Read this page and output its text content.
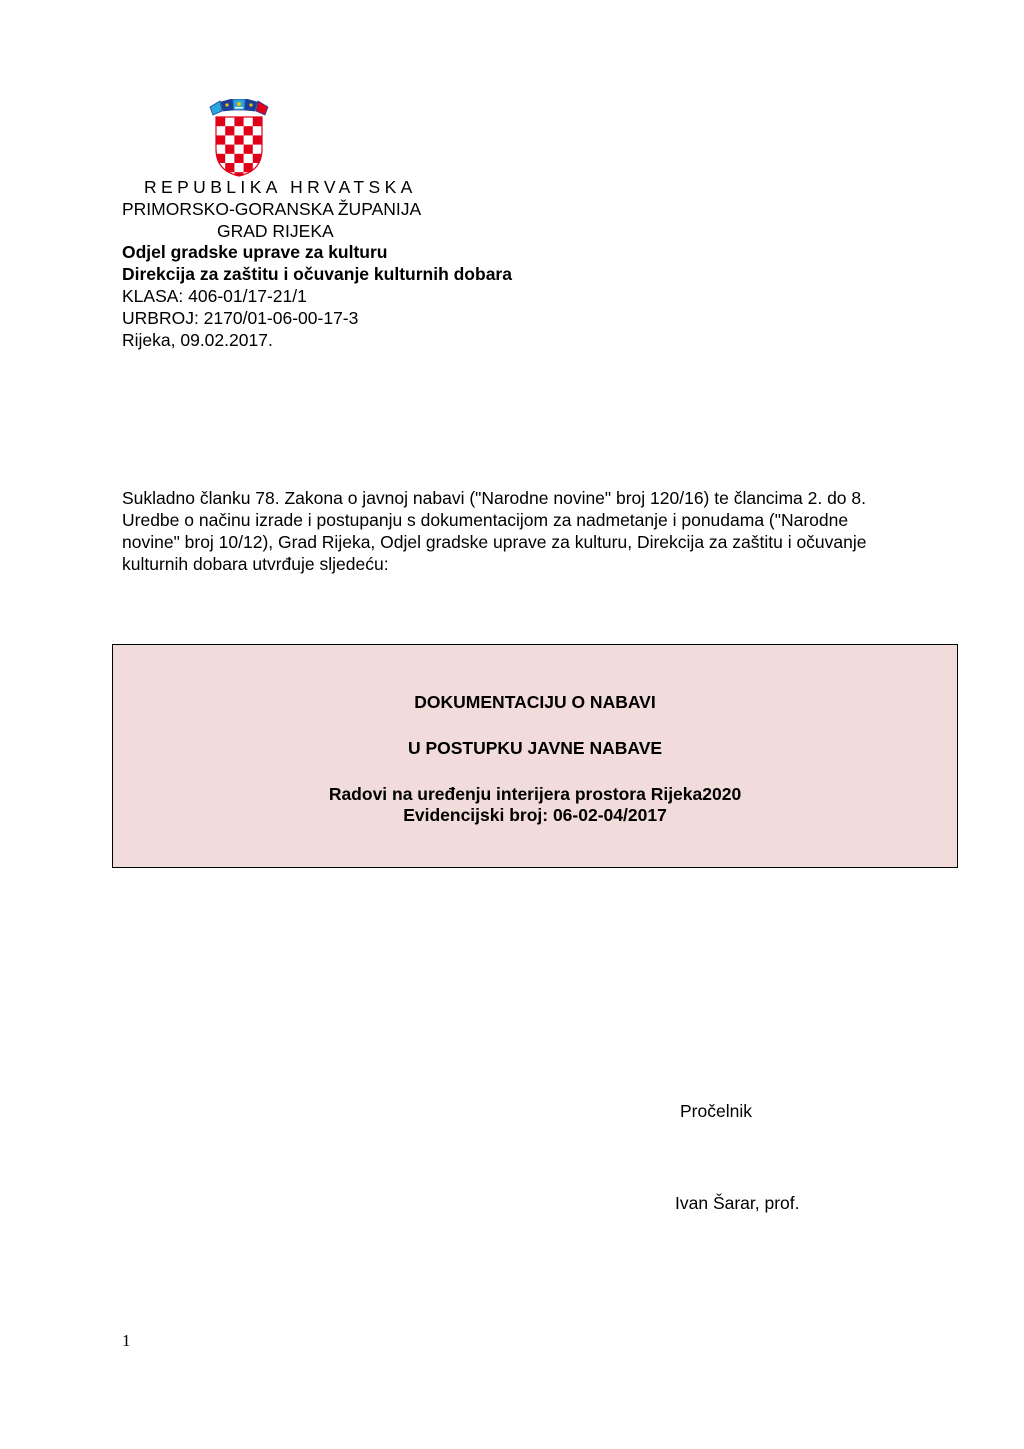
REPUBLIKA HRVATSKA
PRIMORSKO-GORANSKA ŽUPANIJA
GRAD RIJEKA
Odjel gradske uprave za kulturu
Direkcija za zaštitu i očuvanje kulturnih dobara
KLASA: 406-01/17-21/1
URBROJ: 2170/01-06-00-17-3
Rijeka, 09.02.2017.
Sukladno članku 78. Zakona o javnoj nabavi ("Narodne novine" broj 120/16) te člancima 2. do 8.
Uredbe o načinu izrade i postupanju s dokumentacijom za nadmetanje i ponudama ("Narodne
novine" broj 10/12), Grad Rijeka, Odjel gradske uprave za kulturu, Direkcija za zaštitu i očuvanje
kulturnih dobara utvrđuje sljedeću:
DOKUMENTACIJU O NABAVI
U POSTUPKU JAVNE NABAVE
Radovi na uređenju interijera prostora Rijeka2020
Evidencijski broj: 06-02-04/2017
Pročelnik
Ivan Šarar, prof.
1
